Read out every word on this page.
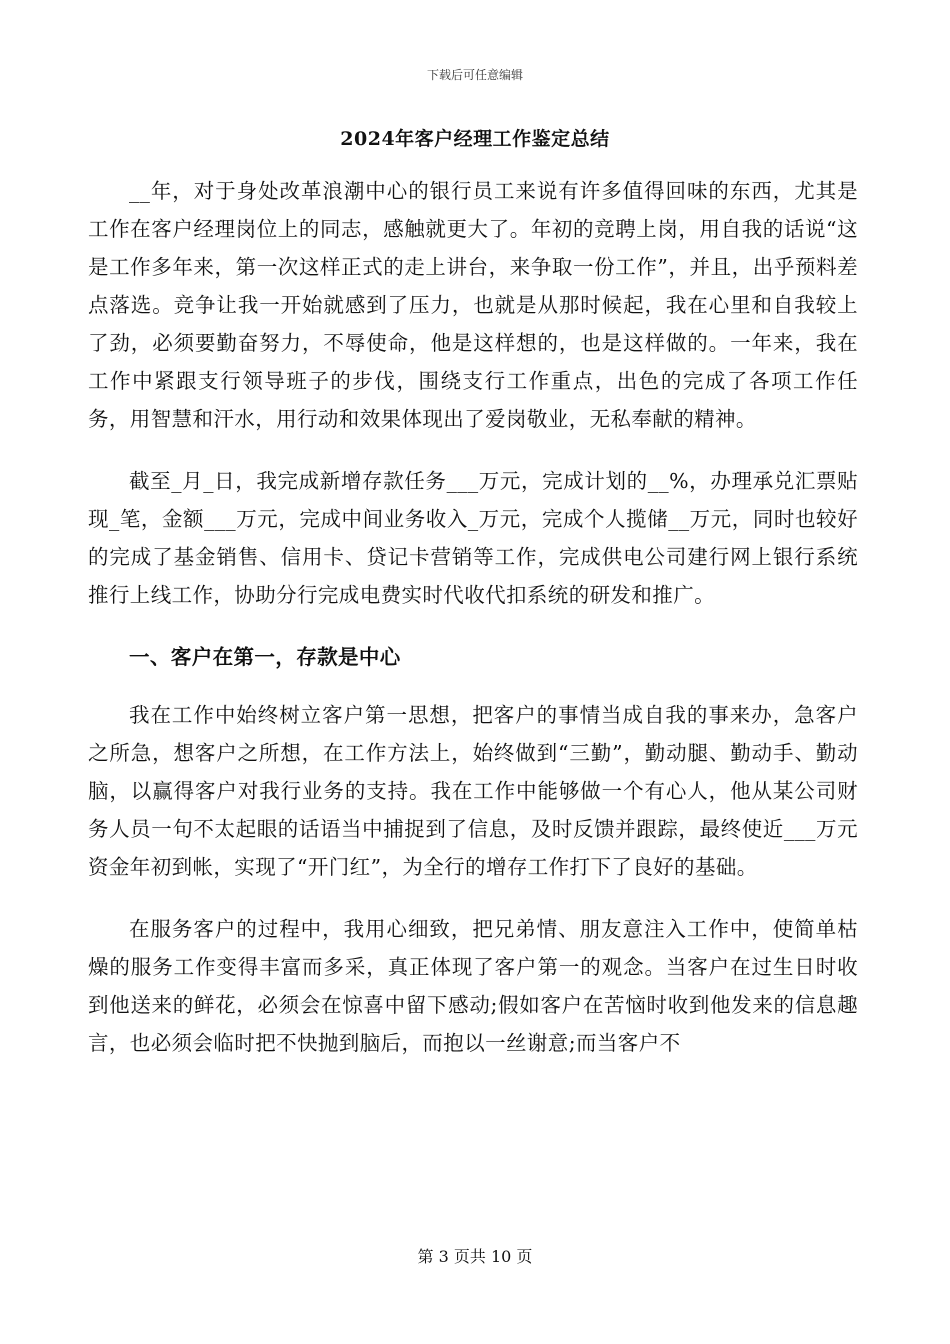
下载后可任意编辑
2024年客户经理工作鉴定总结

__年，对于身处改革浪潮中心的银行员工来说有许多值得回味的东西，尤其是工作在客户经理岗位上的同志，感触就更大了。年初的竞聘上岗，用自我的话说“这是工作多年来，第一次这样正式的走上讲台，来争取一份工作”，并且，出乎预料差点落选。竞争让我一开始就感到了压力，也就是从那时候起，我在心里和自我较上了劲，必须要勤奋努力，不辱使命，他是这样想的，也是这样做的。一年来，我在工作中紧跟支行领导班子的步伐，围绕支行工作重点，出色的完成了各项工作任务，用智慧和汗水，用行动和效果体现出了爱岗敬业，无私奉献的精神。

截至_月_日，我完成新增存款任务___万元，完成计划的__%，办理承兑汇票贴现_笔，金额___万元，完成中间业务收入_万元，完成个人揽储__万元，同时也较好的完成了基金销售、信用卡、贷记卡营销等工作，完成供电公司建行网上银行系统推行上线工作，协助分行完成电费实时代收代扣系统的研发和推广。

一、客户在第一，存款是中心

我在工作中始终树立客户第一思想，把客户的事情当成自我的事来办，急客户之所急，想客户之所想，在工作方法上，始终做到“三勤”，勤动腿、勤动手、勤动脑，以赢得客户对我行业务的支持。我在工作中能够做一个有心人，他从某公司财务人员一句不太起眼的话语当中捕捉到了信息，及时反馈并跟踪，最终使近___万元资金年初到帐，实现了“开门红”，为全行的增存工作打下了良好的基础。

在服务客户的过程中，我用心细致，把兄弟情、朋友意注入工作中，使简单枯燥的服务工作变得丰富而多采，真正体现了客户第一的观念。当客户在过生日时收到他送来的鲜花，必须会在惊喜中留下感动;假如客户在苦恼时收到他发来的信息趣言，也必须会临时把不快抛到脑后，而抱以一丝谢意;而当客户不

第 3 页共 10 页
